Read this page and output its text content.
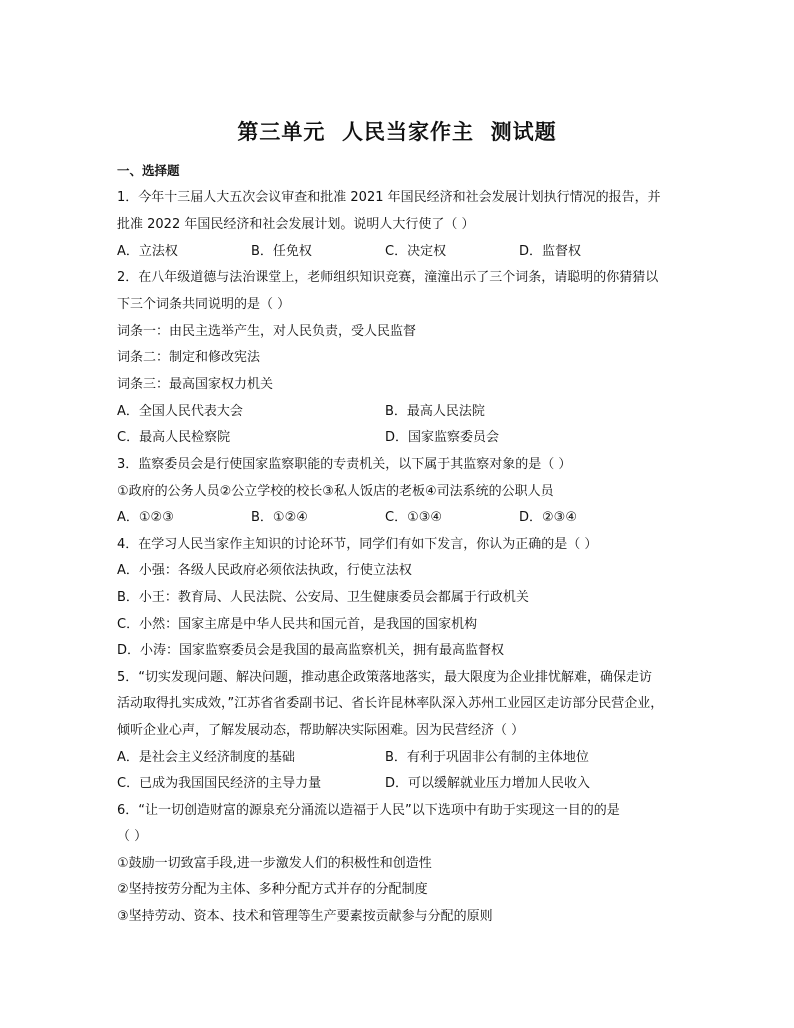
第三单元  人民当家作主  测试题
一、选择题
1．今年十三届人大五次会议审查和批准 2021 年国民经济和社会发展计划执行情况的报告，并
批准 2022 年国民经济和社会发展计划。说明人大行使了（ ）
A．立法权	B．任免权	C．决定权	D．监督权
2．在八年级道德与法治课堂上，老师组织知识竞赛，潼潼出示了三个词条，请聪明的你猜猜以
下三个词条共同说明的是（ ）
词条一：由民主选举产生，对人民负责，受人民监督
词条二：制定和修改宪法
词条三：最高国家权力机关
A．全国人民代表大会	B．最高人民法院
C．最高人民检察院	D．国家监察委员会
3．监察委员会是行使国家监察职能的专责机关，以下属于其监察对象的是（ ）
①政府的公务人员②公立学校的校长③私人饭店的老板④司法系统的公职人员
A．①②③	B．①②④	C．①③④	D．②③④
4．在学习人民当家作主知识的讨论环节，同学们有如下发言，你认为正确的是（ ）
A．小强：各级人民政府必须依法执政，行使立法权
B．小王：教育局、人民法院、公安局、卫生健康委员会都属于行政机关
C．小然：国家主席是中华人民共和国元首，是我国的国家机构
D．小涛：国家监察委员会是我国的最高监察机关，拥有最高监督权
5．“切实发现问题、解决问题，推动惠企政策落地落实，最大限度为企业排忧解难，确保走访
活动取得扎实成效，”江苏省省委副书记、省长许昆林率队深入苏州工业园区走访部分民营企业，
倾听企业心声，了解发展动态，帮助解决实际困难。因为民营经济（ ）
A．是社会主义经济制度的基础	B．有利于巩固非公有制的主体地位
C．已成为我国国民经济的主导力量	D．可以缓解就业压力增加人民收入
6．“让一切创造财富的源泉充分涌流以造福于人民”以下选项中有助于实现这一目的的是
（ ）
①鼓励一切致富手段,进一步激发人们的积极性和创造性
②坚持按劳分配为主体、多种分配方式并存的分配制度
③坚持劳动、资本、技术和管理等生产要素按贡献参与分配的原则
